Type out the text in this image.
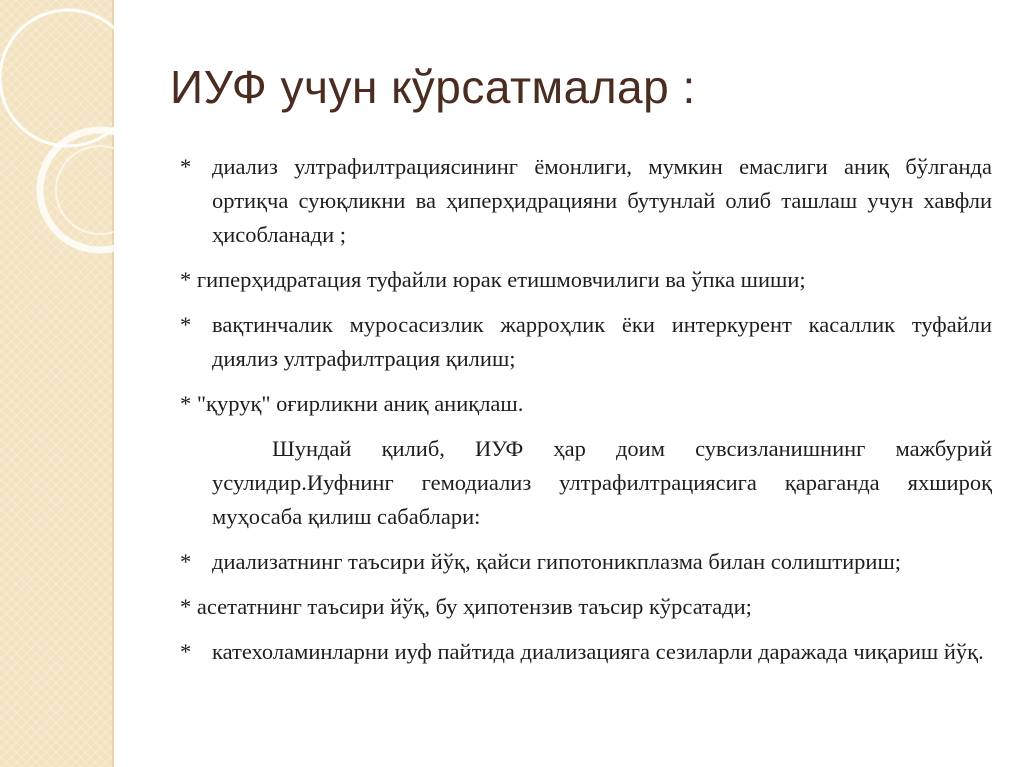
ИУФ учун кўрсатмалар :
* диализ ултрафилтрациясининг ёмонлиги, мумкин емаслиги аниқ бўлганда ортиқча суюқликни ва ҳиперҳидрацияни бутунлай олиб ташлаш учун хавфли ҳисобланади ;
* гиперҳидратация туфайли юрак етишмовчилиги ва ўпка шиши;
* вақтинчалик муросасизлик жарроҳлик ёки интеркурент касаллик туфайли диялиз ултрафилтрация қилиш;
* "қуруқ" оғирликни аниқ аниқлаш.
Шундай қилиб, ИУФ ҳар доим сувсизланишнинг мажбурий усулидир.Иуфнинг гемодиализ ултрафилтрациясига қараганда яхшироқ муҳосаба қилиш сабаблари:
* диализатнинг таъсири йўқ, қайси гипотоникплазма билан солиштириш;
* асетатнинг таъсири йўқ, бу ҳипотензив таъсир кўрсатади;
* катехоламинларни иуф пайтида диализацияга сезиларли даражада чиқариш йўқ.
